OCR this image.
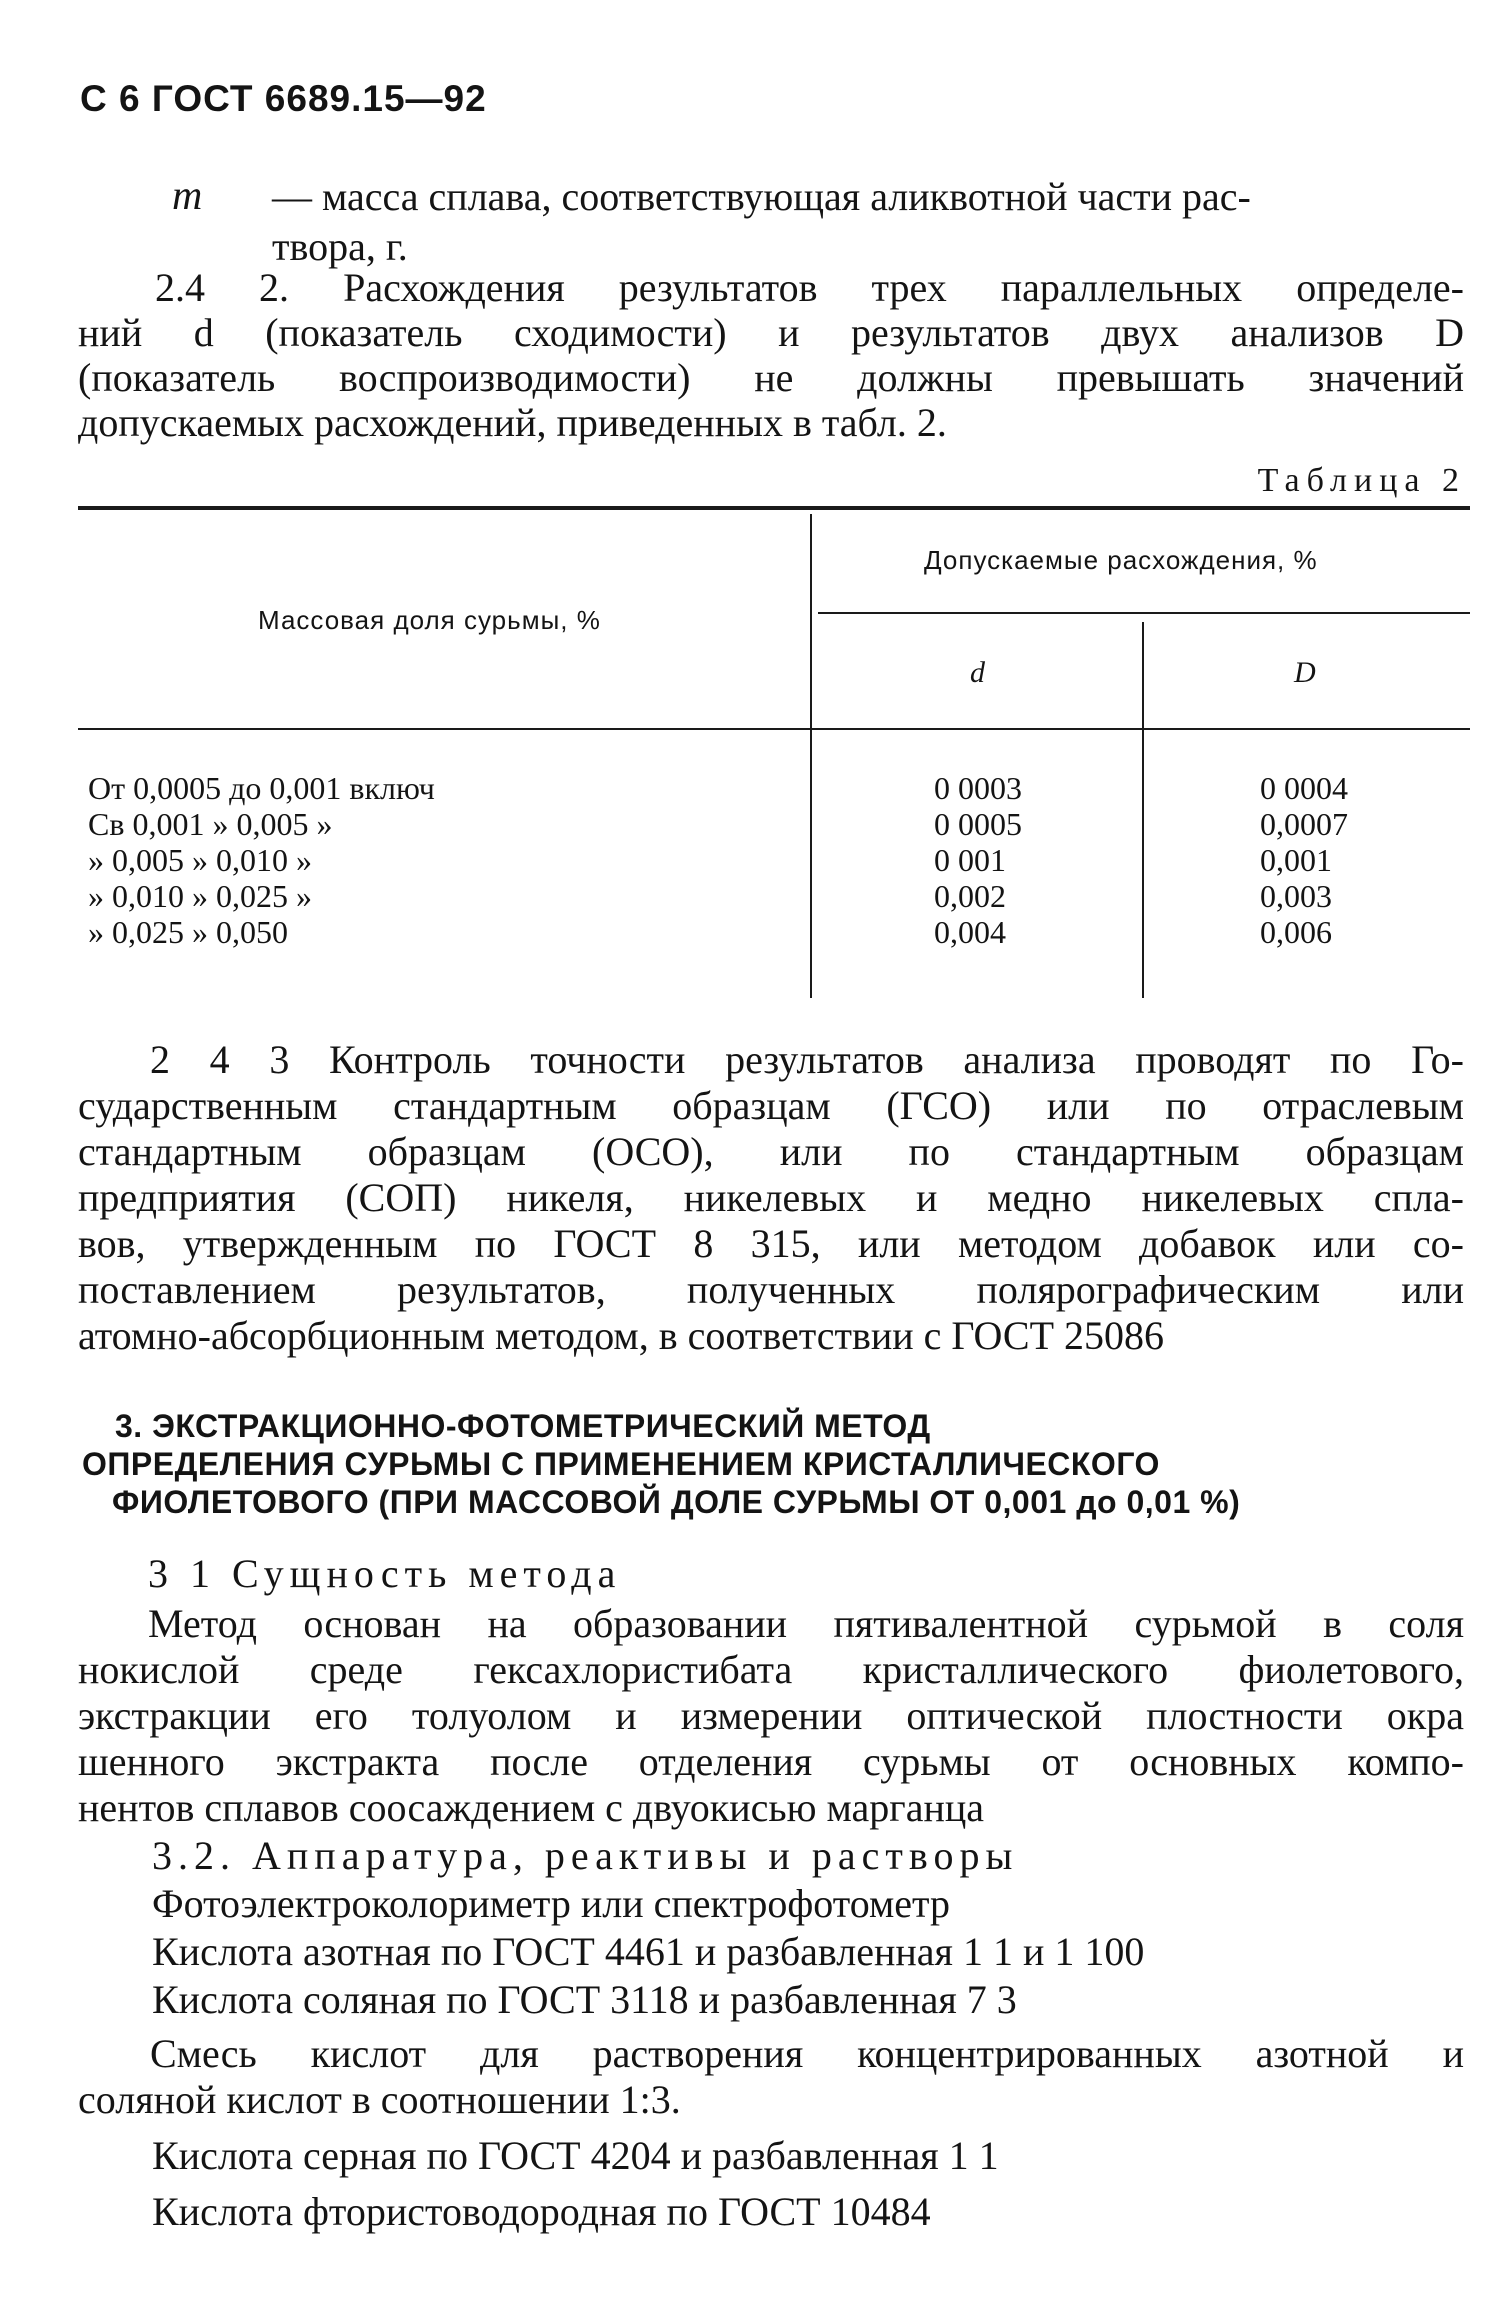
С 6 ГОСТ 6689.15—92
m — масса сплава, соответствующая аликвотной части рас-
твора, г.
2.4 2. Расхождения результатов трех параллельных определе-
ний d (показатель сходимости) и результатов двух анализов D
(показатель воспроизводимости) не должны превышать значений
допускаемых расхождений, приведенных в табл. 2.
Таблица 2
Массовая доля сурьмы, %
Допускаемые расхождения, %
d	D
От 0,0005 до 0,001 включ	0 0003	0 0004
Св 0,001 » 0,005 »	0 0005	0,0007
» 0,005 » 0,010 »	0 001	0,001
» 0,010 » 0,025 »	0,002	0,003
» 0,025 » 0,050	0,004	0,006
2 4 3 Контроль точности результатов анализа проводят по Го-
сударственным стандартным образцам (ГСО) или по отраслевым
стандартным образцам (ОСО), или по стандартным образцам
предприятия (СОП) никеля, никелевых и медно никелевых спла-
вов, утвержденным по ГОСТ 8 315, или методом добавок или со-
поставлением результатов, полученных полярографическим или
атомно-абсорбционным методом, в соответствии с ГОСТ 25086
3. ЭКСТРАКЦИОННО-ФОТОМЕТРИЧЕСКИЙ МЕТОД
ОПРЕДЕЛЕНИЯ СУРЬМЫ С ПРИМЕНЕНИЕМ КРИСТАЛЛИЧЕСКОГО
ФИОЛЕТОВОГО (ПРИ МАССОВОЙ ДОЛЕ СУРЬМЫ ОТ 0,001 до 0,01 %)
3 1 Сущность метода
Метод основан на образовании пятивалентной сурьмой в соля
нокислой среде гексахлористибата кристаллического фиолетового,
экстракции его толуолом и измерении оптической плостности окра
шенного экстракта после отделения сурьмы от основных компо-
нентов сплавов соосаждением с двуокисью марганца
3.2. Аппаратура, реактивы и растворы
Фотоэлектроколориметр или спектрофотометр
Кислота азотная по ГОСТ 4461 и разбавленная 1 1 и 1 100
Кислота соляная по ГОСТ 3118 и разбавленная 7 3
Смесь кислот для растворения концентрированных азотной и
соляной кислот в соотношении 1:3.
Кислота серная по ГОСТ 4204 и разбавленная 1 1
Кислота фтористоводородная по ГОСТ 10484
